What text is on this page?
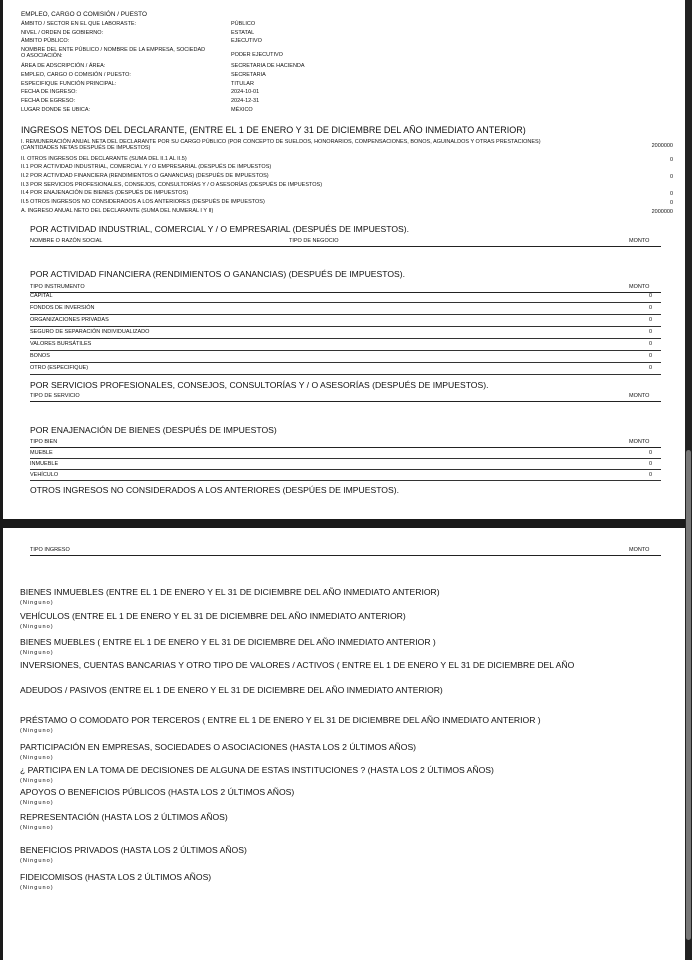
EMPLEO, CARGO O COMISIÓN / PUESTO
ÁMBITO / SECTOR EN EL QUE LABORASTE:	PÚBLICO
NIVEL / ORDEN DE GOBIERNO:	ESTATAL
ÁMBITO PÚBLICO:	EJECUTIVO
NOMBRE DEL ENTE PÚBLICO / NOMBRE DE LA EMPRESA, SOCIEDAD O ASOCIACIÓN:	PODER EJECUTIVO
ÁREA DE ADSCRIPCIÓN / ÁREA:	SECRETARIA DE HACIENDA
EMPLEO, CARGO O COMISIÓN / PUESTO:	SECRETARIA
ESPECIFIQUE FUNCIÓN PRINCIPAL:	TITULAR
FECHA DE INGRESO:	2024-10-01
FECHA DE EGRESO:	2024-12-31
LUGAR DONDE SE UBICA:	MÉXICO
INGRESOS NETOS DEL DECLARANTE, (ENTRE EL 1 DE ENERO Y 31 DE DICIEMBRE DEL AÑO INMEDIATO ANTERIOR)
I. REMUNERACIÓN ANUAL NETA DEL DECLARANTE POR SU CARGO PÚBLICO (POR CONCEPTO DE SUELDOS, HONORARIOS, COMPENSACIONES, BONOS, AGUINALDOS Y OTRAS PRESTACIONES) (CANTIDADES NETAS DESPUÉS DE IMPUESTOS)	2000000
II. OTROS INGRESOS DEL DECLARANTE (SUMA DEL II.1 AL II.5)	0
II.1 POR ACTIVIDAD INDUSTRIAL, COMERCIAL Y / O EMPRESARIAL (DESPUÉS DE IMPUESTOS)
II.2 POR ACTIVIDAD FINANCIERA (RENDIMIENTOS O GANANCIAS) (DESPUÉS DE IMPUESTOS)	0
II.3 POR SERVICIOS PROFESIONALES, CONSEJOS, CONSULTORÍAS Y / O ASESORÍAS (DESPUÉS DE IMPUESTOS)
II.4 POR ENAJENACIÓN DE BIENES (DESPUÉS DE IMPUESTOS)	0
II.5 OTROS INGRESOS NO CONSIDERADOS A LOS ANTERIORES (DESPUÉS DE IMPUESTOS)	0
A. INGRESO ANUAL NETO DEL DECLARANTE (SUMA DEL NUMERAL I Y II)	2000000
POR ACTIVIDAD INDUSTRIAL, COMERCIAL Y / O EMPRESARIAL (DESPUÉS DE IMPUESTOS).
NOMBRE O RAZÓN SOCIAL	TIPO DE NEGOCIO	MONTO
POR ACTIVIDAD FINANCIERA (RENDIMIENTOS O GANANCIAS) (DESPUÉS DE IMPUESTOS).
TIPO INSTRUMENTO	MONTO
CAPITAL	0
FONDOS DE INVERSIÓN	0
ORGANIZACIONES PRIVADAS	0
SEGURO DE SEPARACIÓN INDIVIDUALIZADO	0
VALORES BURSÁTILES	0
BONOS	0
OTRO (ESPECIFIQUE)	0
POR SERVICIOS PROFESIONALES, CONSEJOS, CONSULTORÍAS Y / O ASESORÍAS (DESPUÉS DE IMPUESTOS).
TIPO DE SERVICIO	MONTO
POR ENAJENACIÓN DE BIENES (DESPUÉS DE IMPUESTOS)
TIPO BIEN	MONTO
MUEBLE	0
INMUEBLE	0
VEHÍCULO	0
OTROS INGRESOS NO CONSIDERADOS A LOS ANTERIORES (DESPÚES DE IMPUESTOS).
TIPO INGRESO	MONTO
BIENES INMUEBLES (ENTRE EL 1 DE ENERO Y EL 31 DE DICIEMBRE DEL AÑO INMEDIATO ANTERIOR)
(Ninguno)
VEHÍCULOS (ENTRE EL 1 DE ENERO Y EL 31 DE DICIEMBRE DEL AÑO INMEDIATO ANTERIOR)
(Ninguno)
BIENES MUEBLES ( ENTRE EL 1 DE ENERO Y EL 31 DE DICIEMBRE DEL AÑO INMEDIATO ANTERIOR )
(Ninguno)
INVERSIONES, CUENTAS BANCARIAS Y OTRO TIPO DE VALORES / ACTIVOS ( ENTRE EL 1 DE ENERO Y EL 31 DE DICIEMBRE DEL AÑO
ADEUDOS / PASIVOS (ENTRE EL 1 DE ENERO Y EL 31 DE DICIEMBRE DEL AÑO INMEDIATO ANTERIOR)
PRÉSTAMO O COMODATO POR TERCEROS ( ENTRE EL 1 DE ENERO Y EL 31 DE DICIEMBRE DEL AÑO INMEDIATO ANTERIOR )
(Ninguno)
PARTICIPACIÓN EN EMPRESAS, SOCIEDADES O ASOCIACIONES (HASTA LOS 2 ÚLTIMOS AÑOS)
(Ninguno)
¿ PARTICIPA EN LA TOMA DE DECISIONES DE ALGUNA DE ESTAS INSTITUCIONES ? (HASTA LOS 2 ÚLTIMOS AÑOS)
(Ninguno)
APOYOS O BENEFICIOS PÚBLICOS (HASTA LOS 2 ÚLTIMOS AÑOS)
(Ninguno)
REPRESENTACIÓN (HASTA LOS 2 ÚLTIMOS AÑOS)
(Ninguno)
BENEFICIOS PRIVADOS (HASTA LOS 2 ÚLTIMOS AÑOS)
(Ninguno)
FIDEICOMISOS (HASTA LOS 2 ÚLTIMOS AÑOS)
(Ninguno)
